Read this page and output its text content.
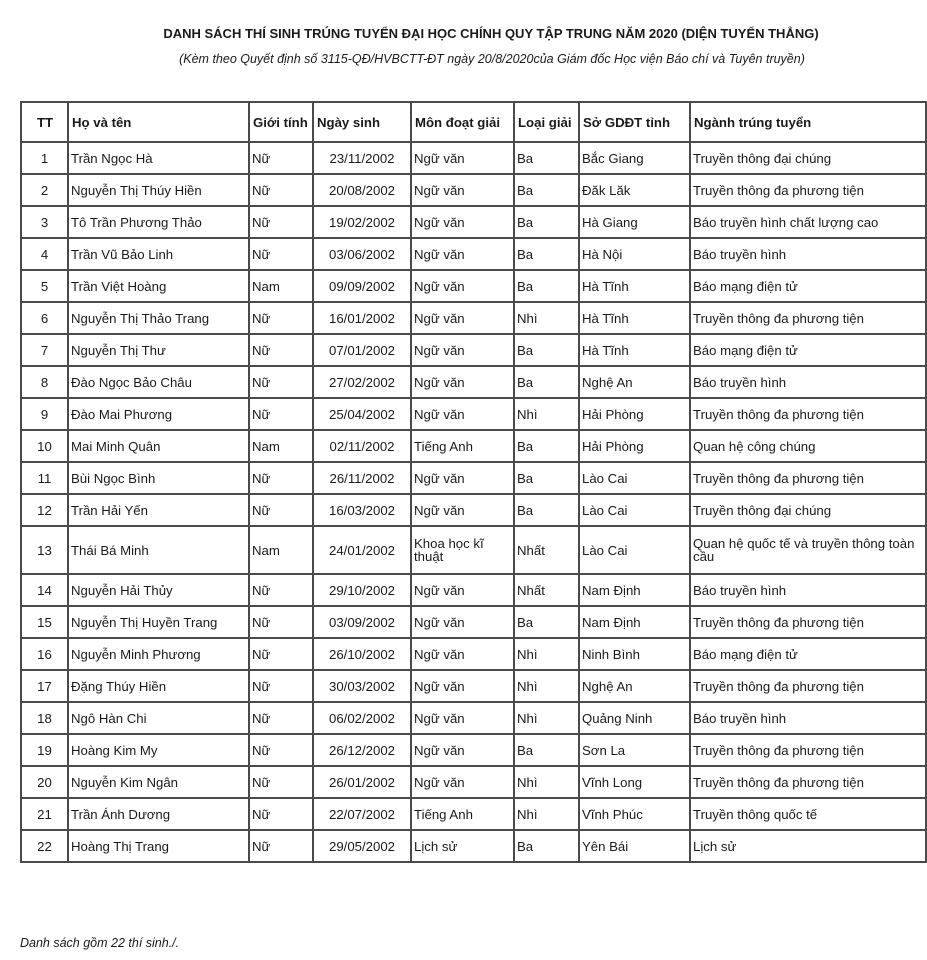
DANH SÁCH THÍ SINH TRÚNG TUYỂN ĐẠI HỌC CHÍNH QUY TẬP TRUNG NĂM 2020 (DIỆN TUYỂN THẲNG)
(Kèm theo Quyết định số 3115-QĐ/HVBCTT-ĐT ngày 20/8/2020của Giám đốc Học viện Báo chí và Tuyên truyền)
TT	Họ và tên	Giới tính	Ngày sinh	Môn đoạt giải	Loại giải	Sở GDĐT tỉnh	Ngành trúng tuyển
1	Trần Ngọc Hà	Nữ	23/11/2002	Ngữ văn	Ba	Bắc Giang	Truyền thông đại chúng
2	Nguyễn Thị Thúy Hiền	Nữ	20/08/2002	Ngữ văn	Ba	Đăk Lăk	Truyền thông đa phương tiện
3	Tô Trần Phương Thảo	Nữ	19/02/2002	Ngữ văn	Ba	Hà Giang	Báo truyền hình chất lượng cao
4	Trần Vũ Bảo Linh	Nữ	03/06/2002	Ngữ văn	Ba	Hà Nội	Báo truyền hình
5	Trần Việt Hoàng	Nam	09/09/2002	Ngữ văn	Ba	Hà Tĩnh	Báo mạng điện tử
6	Nguyễn Thị Thảo Trang	Nữ	16/01/2002	Ngữ văn	Nhì	Hà Tĩnh	Truyền thông đa phương tiện
7	Nguyễn Thị Thư	Nữ	07/01/2002	Ngữ văn	Ba	Hà Tĩnh	Báo mạng điện tử
8	Đào Ngọc Bảo Châu	Nữ	27/02/2002	Ngữ văn	Ba	Nghệ An	Báo truyền hình
9	Đào Mai Phương	Nữ	25/04/2002	Ngữ văn	Nhì	Hải Phòng	Truyền thông đa phương tiện
10	Mai Minh Quân	Nam	02/11/2002	Tiếng Anh	Ba	Hải Phòng	Quan hệ công chúng
11	Bùi Ngọc Bình	Nữ	26/11/2002	Ngữ văn	Ba	Lào Cai	Truyền thông đa phương tiện
12	Trần Hải Yến	Nữ	16/03/2002	Ngữ văn	Ba	Lào Cai	Truyền thông đại chúng
13	Thái Bá Minh	Nam	24/01/2002	Khoa học kĩ thuật	Nhất	Lào Cai	Quan hệ quốc tế và truyền thông toàn cầu
14	Nguyễn Hải Thủy	Nữ	29/10/2002	Ngữ văn	Nhất	Nam Định	Báo truyền hình
15	Nguyễn Thị Huyền Trang	Nữ	03/09/2002	Ngữ văn	Ba	Nam Định	Truyền thông đa phương tiện
16	Nguyễn Minh Phương	Nữ	26/10/2002	Ngữ văn	Nhì	Ninh Bình	Báo mạng điện tử
17	Đặng Thúy Hiền	Nữ	30/03/2002	Ngữ văn	Nhì	Nghệ An	Truyền thông đa phương tiện
18	Ngô Hàn Chi	Nữ	06/02/2002	Ngữ văn	Nhì	Quảng Ninh	Báo truyền hình
19	Hoàng Kim My	Nữ	26/12/2002	Ngữ văn	Ba	Sơn La	Truyền thông đa phương tiện
20	Nguyễn Kim Ngân	Nữ	26/01/2002	Ngữ văn	Nhì	Vĩnh Long	Truyền thông đa phương tiện
21	Trần Ánh Dương	Nữ	22/07/2002	Tiếng Anh	Nhì	Vĩnh Phúc	Truyền thông quốc tế
22	Hoàng Thị Trang	Nữ	29/05/2002	Lịch sử	Ba	Yên Bái	Lịch sử
Danh sách gồm 22 thí sinh./.
